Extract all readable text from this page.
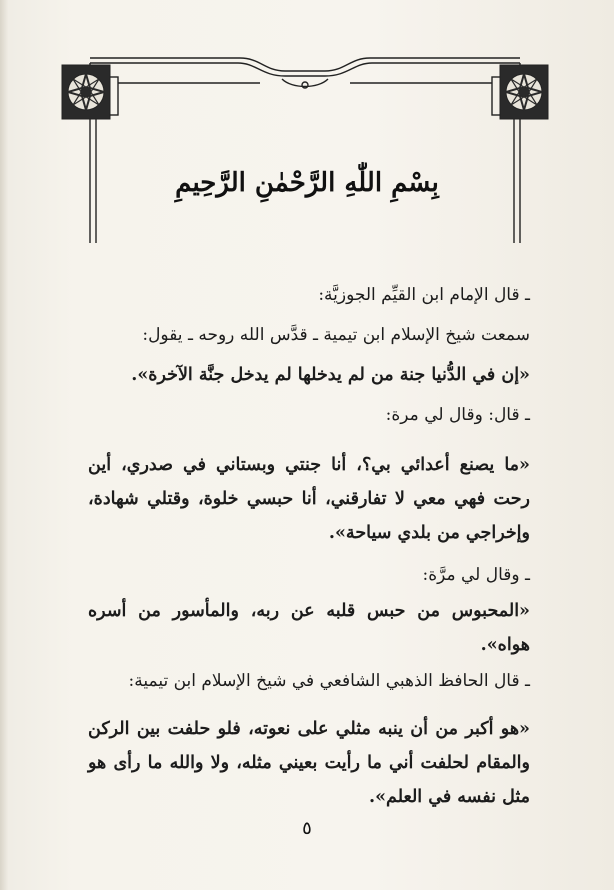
بِسْمِ اللّٰهِ الرَّحْمٰنِ الرَّحِيمِ

ـ قال الإمام ابن القيِّم الجوزيَّة:

سمعت شيخ الإسلام ابن تيمية ـ قدَّس الله روحه ـ يقول:

«إن في الدُّنيا جنة من لم يدخلها لم يدخل جنَّة الآخرة».

ـ قال: وقال لي مرة:

«ما يصنع أعدائي بي؟، أنا جنتي وبستاني في صدري، أين رحت فهي معي لا تفارقني، أنا حبسي خلوة، وقتلي شهادة، وإخراجي من بلدي سياحة».

ـ وقال لي مرَّة:

«المحبوس من حبس قلبه عن ربه، والمأسور من أسره هواه».

ـ قال الحافظ الذهبي الشافعي في شيخ الإسلام ابن تيمية:

«هو أكبر من أن ينبه مثلي على نعوته، فلو حلفت بين الركن والمقام لحلفت أني ما رأيت بعيني مثله، ولا والله ما رأى هو مثل نفسه في العلم».

٥
